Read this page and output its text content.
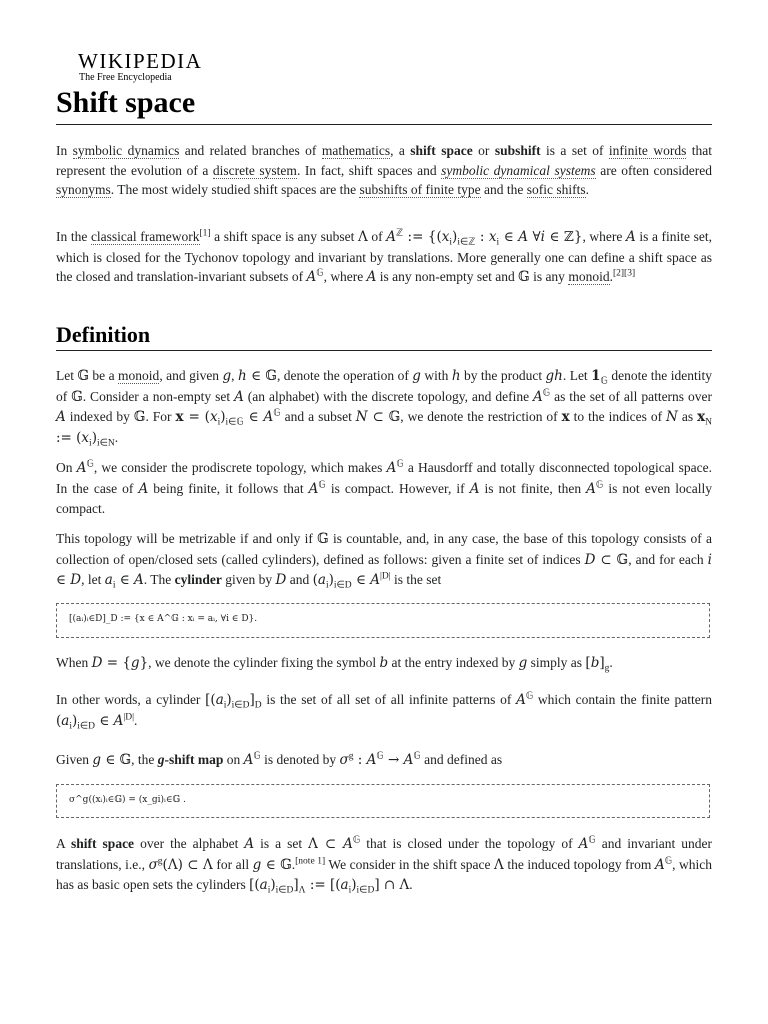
WIKIPEDIA
The Free Encyclopedia
Shift space

In symbolic dynamics and related branches of mathematics, a shift space or subshift is a set of infinite words that represent the evolution of a discrete system. In fact, shift spaces and symbolic dynamical systems are often considered synonyms. The most widely studied shift spaces are the subshifts of finite type and the sofic shifts.

In the classical framework[1] a shift space is any subset Λ of $A^ℤ$ := {$(x_i)_{i\in ℤ}$ : $x_i$ ∈ A ∀i ∈ ℤ}, where A is a finite set, which is closed for the Tychonov topology and invariant by translations. More generally one can define a shift space as the closed and translation-invariant subsets of $A^𝔾$, where A is any non-empty set and 𝔾 is any monoid.[2][3]

Definition

Let 𝔾 be a monoid, and given g, h ∈ 𝔾, denote the operation of g with h by the product gh. Let $1_𝔾$ denote the identity of 𝔾. Consider a non-empty set A (an alphabet) with the discrete topology, and define $A^𝔾$ as the set of all patterns over A indexed by 𝔾. For $x = (x_i)_{i\in 𝔾}$ ∈ $A^𝔾$ and a subset N ⊂ 𝔾, we denote the restriction of x to the indices of N as $x_N$ := $(x_i)_{i\in N}$.

On $A^𝔾$, we consider the prodiscrete topology, which makes $A^𝔾$ a Hausdorff and totally disconnected topological space. In the case of A being finite, it follows that $A^𝔾$ is compact. However, if A is not finite, then $A^𝔾$ is not even locally compact.

This topology will be metrizable if and only if 𝔾 is countable, and, in any case, the base of this topology consists of a collection of open/closed sets (called cylinders), defined as follows: given a finite set of indices D ⊂ 𝔾, and for each i ∈ D, let $a_i$ ∈ A. The cylinder given by D and $(a_i)_{i\in D}$ ∈ $A^{|D|}$ is the set

[(aᵢ)ᵢ∈D]_D := {x ∈ A^𝔾 : xᵢ = aᵢ, ∀i ∈ D}.

When D = {g}, we denote the cylinder fixing the symbol b at the entry indexed by g simply as $[b]_g$.

In other words, a cylinder $[(a_i)_{i\in D}]_D$ is the set of all set of all infinite patterns of $A^𝔾$ which contain the finite pattern $(a_i)_{i\in D}$ ∈ $A^{|D|}$.

Given g ∈ 𝔾, the g-shift map on $A^𝔾$ is denoted by $\sigma^g$ : $A^𝔾 \to A^𝔾$ and defined as

σ^g((xᵢ)ᵢ∈𝔾) = (x_gi)ᵢ∈𝔾 .

A shift space over the alphabet A is a set Λ ⊂ $A^𝔾$ that is closed under the topology of $A^𝔾$ and invariant under translations, i.e., $\sigma^g(\Lambda)$ ⊂ Λ for all g ∈ 𝔾.[note 1] We consider in the shift space Λ the induced topology from $A^𝔾$, which has as basic open sets the cylinders $[(a_i)_{i\in D}]_\Lambda$ := $[(a_i)_{i\in D}]$ ∩ Λ.
